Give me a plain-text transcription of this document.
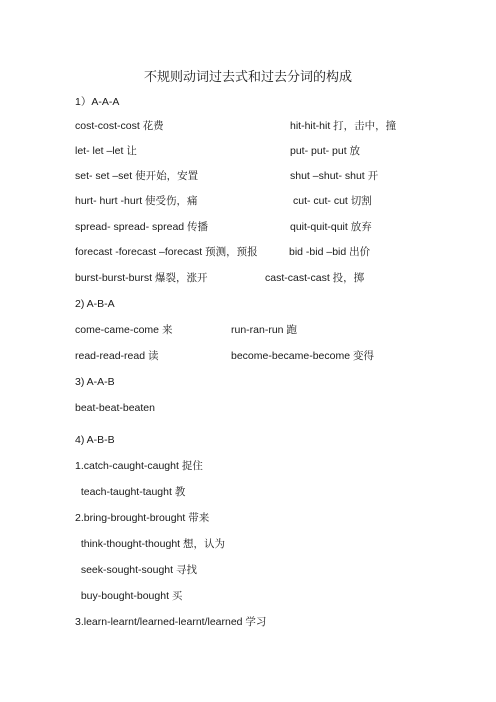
不规则动词过去式和过去分词的构成
1）A-A-A
cost-cost-cost 花费	hit-hit-hit 打，击中，撞
let- let –let 让	put- put- put 放
set- set –set 使开始，安置	shut –shut- shut 开
hurt- hurt -hurt 使受伤，痛	cut- cut- cut 切割
spread- spread- spread 传播	quit-quit-quit 放弃
forecast -forecast –forecast 预测，预报	bid -bid –bid 出价
burst-burst-burst 爆裂，涨开	cast-cast-cast 投，掷
2) A-B-A
come-came-come 来	run-ran-run 跑
read-read-read 读	become-became-become 变得
3) A-A-B
beat-beat-beaten
4) A-B-B
1.catch-caught-caught 捉住
teach-taught-taught 教
2.bring-brought-brought 带来
think-thought-thought 想，认为
seek-sought-sought 寻找
buy-bought-bought 买
3.learn-learnt/learned-learnt/learned 学习
